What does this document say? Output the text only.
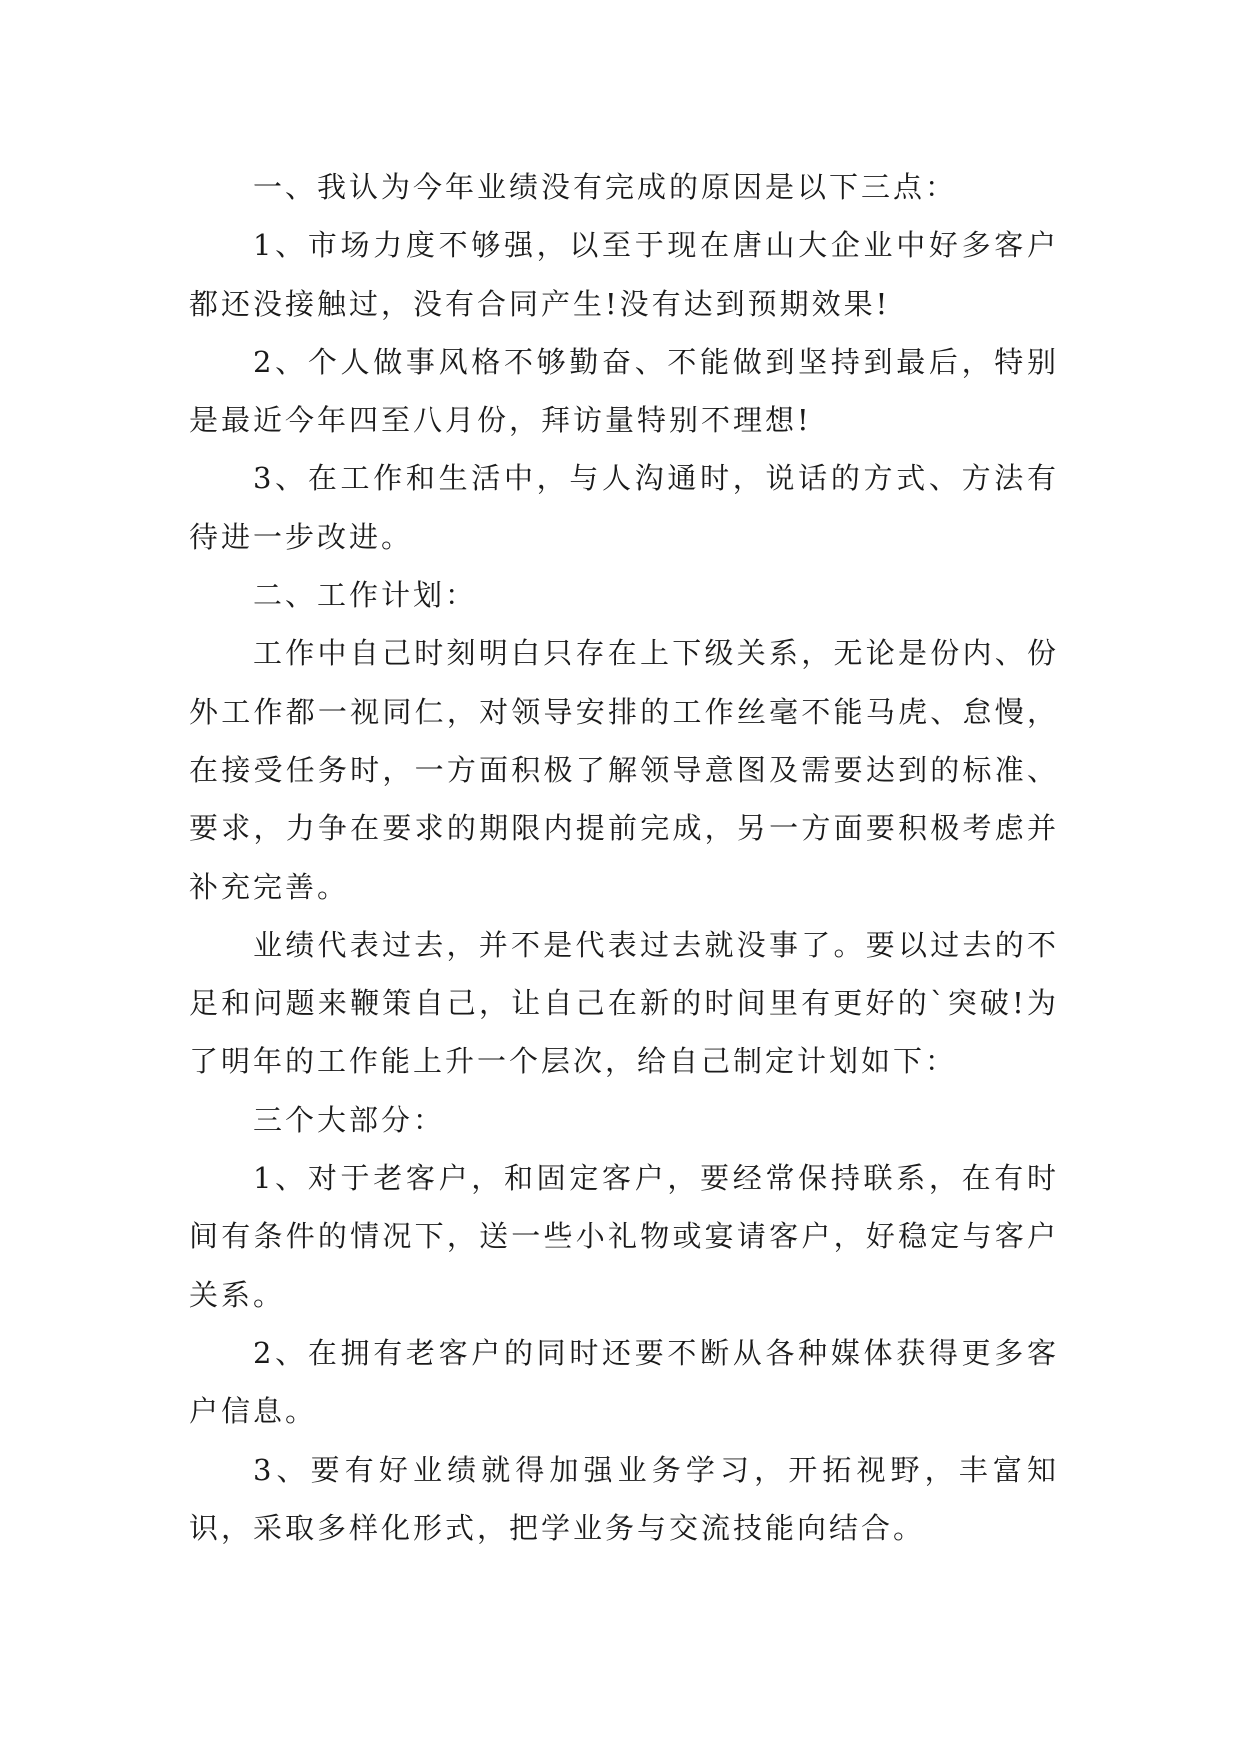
一、我认为今年业绩没有完成的原因是以下三点：

1、市场力度不够强，以至于现在唐山大企业中好多客户都还没接触过，没有合同产生!没有达到预期效果!

2、个人做事风格不够勤奋、不能做到坚持到最后，特别是最近今年四至八月份，拜访量特别不理想!

3、在工作和生活中，与人沟通时，说话的方式、方法有待进一步改进。

二、工作计划：

工作中自己时刻明白只存在上下级关系，无论是份内、份外工作都一视同仁，对领导安排的工作丝毫不能马虎、怠慢，在接受任务时，一方面积极了解领导意图及需要达到的标准、要求，力争在要求的期限内提前完成，另一方面要积极考虑并补充完善。

业绩代表过去，并不是代表过去就没事了。要以过去的不足和问题来鞭策自己，让自己在新的时间里有更好的`突破!为了明年的工作能上升一个层次，给自己制定计划如下：

三个大部分：

1、对于老客户，和固定客户，要经常保持联系，在有时间有条件的情况下，送一些小礼物或宴请客户，好稳定与客户关系。

2、在拥有老客户的同时还要不断从各种媒体获得更多客户信息。

3、要有好业绩就得加强业务学习，开拓视野，丰富知识，采取多样化形式，把学业务与交流技能向结合。
